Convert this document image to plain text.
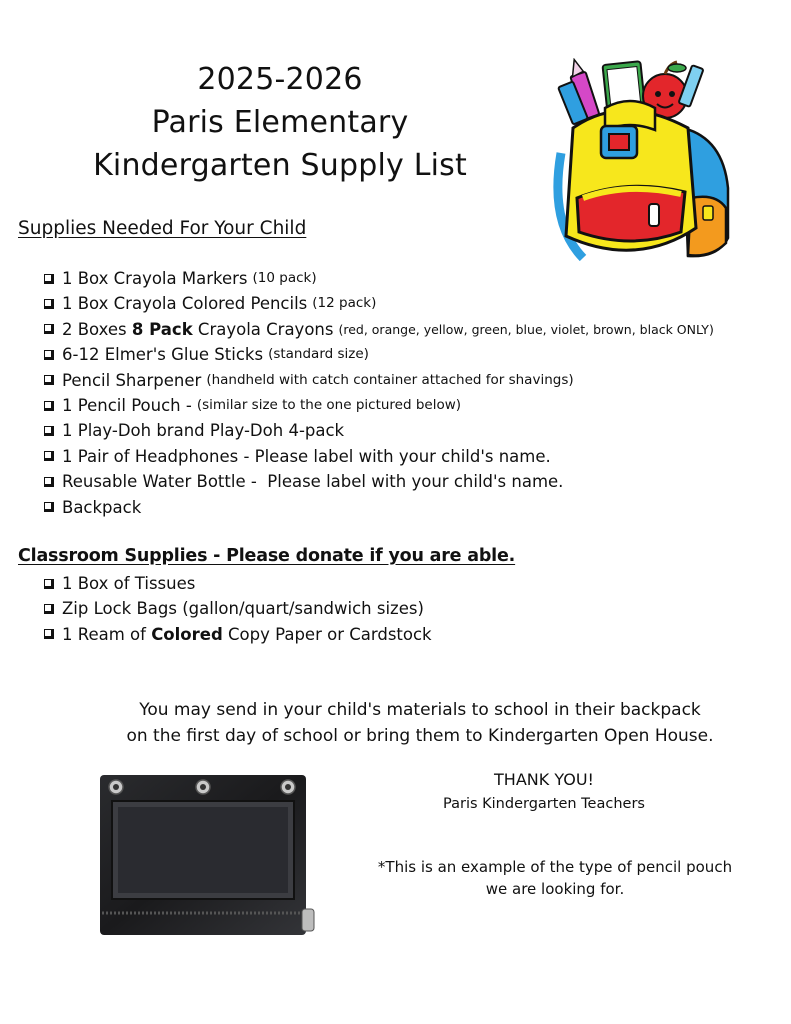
2025-2026
Paris Elementary
Kindergarten Supply List
Supplies Needed For Your Child
1 Box Crayola Markers (10 pack)
1 Box Crayola Colored Pencils (12 pack)
2 Boxes
8 Pack
Crayola Crayons (red, orange, yellow, green, blue, violet, brown, black ONLY)
6-12 Elmer's Glue Sticks (standard size)
Pencil Sharpener (handheld with catch container attached for shavings)
1 Pencil Pouch - (similar size to the one pictured below)
1 Play-Doh brand Play-Doh 4-pack
1 Pair of Headphones - Please label with your child's name.
Reusable Water Bottle -  Please label with your child's name.
Backpack
Classroom Supplies - Please donate if you are able.
1 Box of Tissues
Zip Lock Bags (gallon/quart/sandwich sizes)
1 Ream of
Colored
Copy Paper or Cardstock
You may send in your child's materials to school in their backpack
on the first day of school or bring them to Kindergarten Open House.
THANK YOU!
Paris Kindergarten Teachers
*This is an example of the type of pencil pouch
we are looking for.
